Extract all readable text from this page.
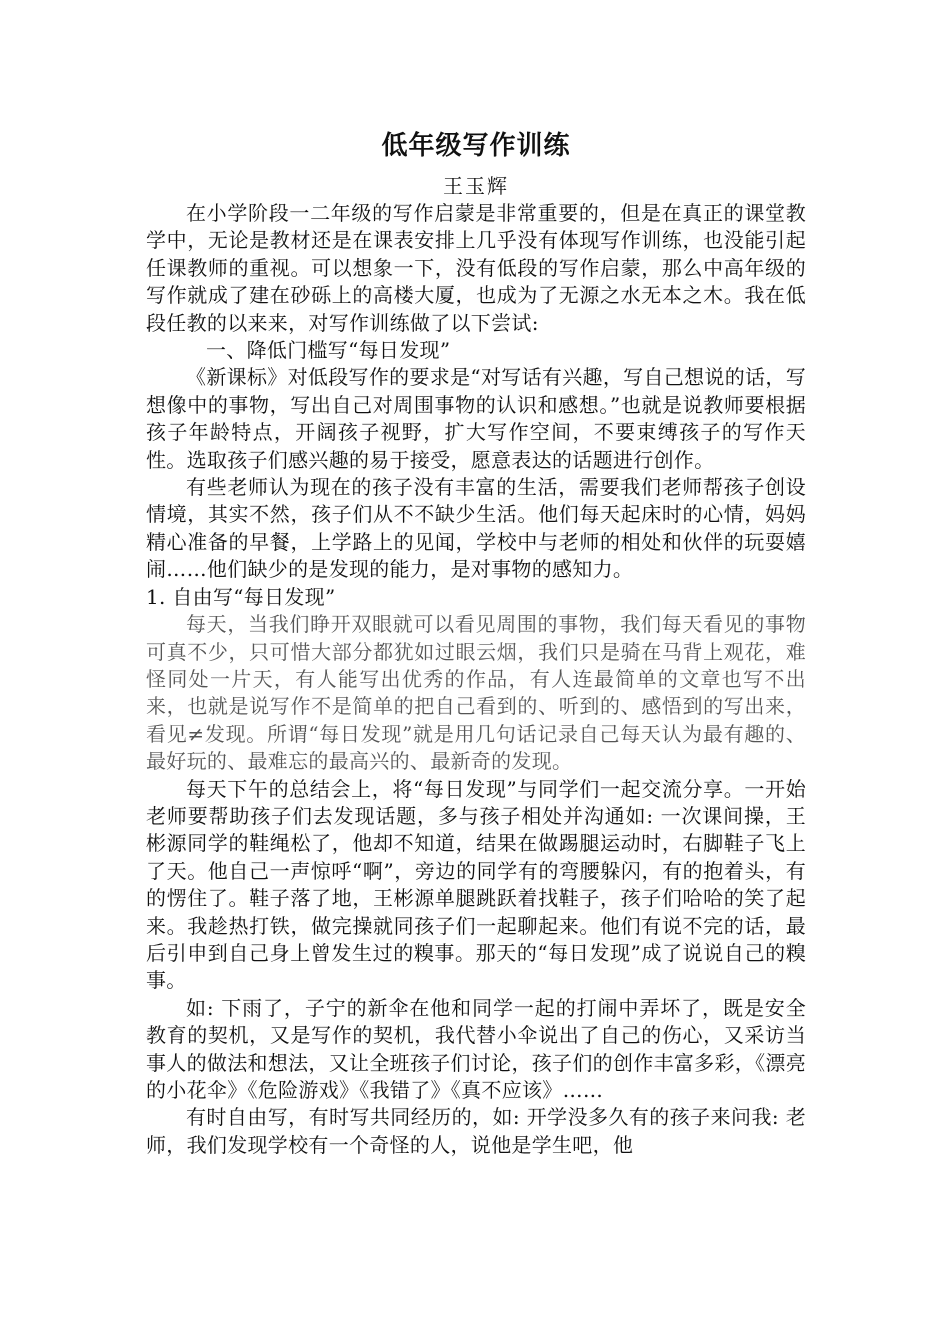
低年级写作训练

王玉辉

在小学阶段一二年级的写作启蒙是非常重要的，但是在真正的课堂教学中，无论是教材还是在课表安排上几乎没有体现写作训练，也没能引起任课教师的重视。可以想象一下，没有低段的写作启蒙，那么中高年级的写作就成了建在砂砾上的高楼大厦，也成为了无源之水无本之木。我在低段任教的以来来，对写作训练做了以下尝试:

一、降低门槛写“每日发现”

《新课标》对低段写作的要求是“对写话有兴趣，写自己想说的话，写想像中的事物，写出自己对周围事物的认识和感想。”也就是说教师要根据孩子年龄特点，开阔孩子视野，扩大写作空间，不要束缚孩子的写作天性。选取孩子们感兴趣的易于接受，愿意表达的话题进行创作。

有些老师认为现在的孩子没有丰富的生活，需要我们老师帮孩子创设情境，其实不然，孩子们从不不缺少生活。他们每天起床时的心情，妈妈精心准备的早餐，上学路上的见闻，学校中与老师的相处和伙伴的玩耍嬉闹……他们缺少的是发现的能力，是对事物的感知力。

1. 自由写“每日发现”

每天，当我们睁开双眼就可以看见周围的事物，我们每天看见的事物可真不少，只可惜大部分都犹如过眼云烟，我们只是骑在马背上观花，难怪同处一片天，有人能写出优秀的作品，有人连最简单的文章也写不出来，也就是说写作不是简单的把自己看到的、听到的、感悟到的写出来，看见≠发现。所谓“每日发现”就是用几句话记录自己每天认为最有趣的、最好玩的、最难忘的最高兴的、最新奇的发现。

每天下午的总结会上，将“每日发现”与同学们一起交流分享。一开始老师要帮助孩子们去发现话题，多与孩子相处并沟通如: 一次课间操，王彬源同学的鞋绳松了，他却不知道，结果在做踢腿运动时，右脚鞋子飞上了天。他自己一声惊呼“啊”，旁边的同学有的弯腰躲闪，有的抱着头，有的愣住了。鞋子落了地，王彬源单腿跳跃着找鞋子，孩子们哈哈的笑了起来。我趁热打铁，做完操就同孩子们一起聊起来。他们有说不完的话，最后引申到自己身上曾发生过的糗事。那天的“每日发现”成了说说自己的糗事。

如: 下雨了，子宁的新伞在他和同学一起的打闹中弄坏了，既是安全教育的契机，又是写作的契机，我代替小伞说出了自己的伤心，又采访当事人的做法和想法，又让全班孩子们讨论，孩子们的创作丰富多彩，《漂亮的小花伞》《危险游戏》《我错了》《真不应该》……

有时自由写，有时写共同经历的，如: 开学没多久有的孩子来问我: 老师，我们发现学校有一个奇怪的人，说他是学生吧，他
